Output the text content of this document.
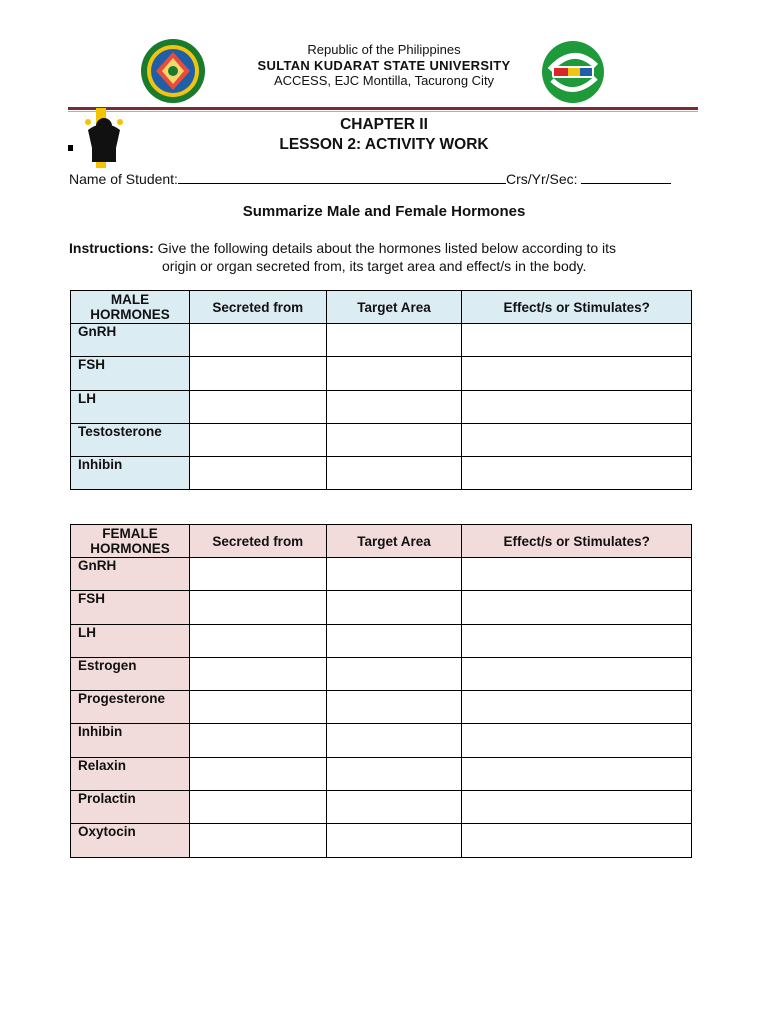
Republic of the Philippines
SULTAN KUDARAT STATE UNIVERSITY
ACCESS, EJC Montilla, Tacurong City
CHAPTER II
LESSON 2: ACTIVITY WORK
Name of Student:	Crs/Yr/Sec:
Summarize Male and Female Hormones
Instructions: Give the following details about the hormones listed below according to its
origin or organ secreted from, its target area and effect/s in the body.
MALE
HORMONES	Secreted from	Target Area	Effect/s or Stimulates?
GnRH			
FSH			
LH			
Testosterone			
Inhibin			
FEMALE
HORMONES	Secreted from	Target Area	Effect/s or Stimulates?
GnRH			
FSH			
LH			
Estrogen			
Progesterone			
Inhibin			
Relaxin			
Prolactin			
Oxytocin			
